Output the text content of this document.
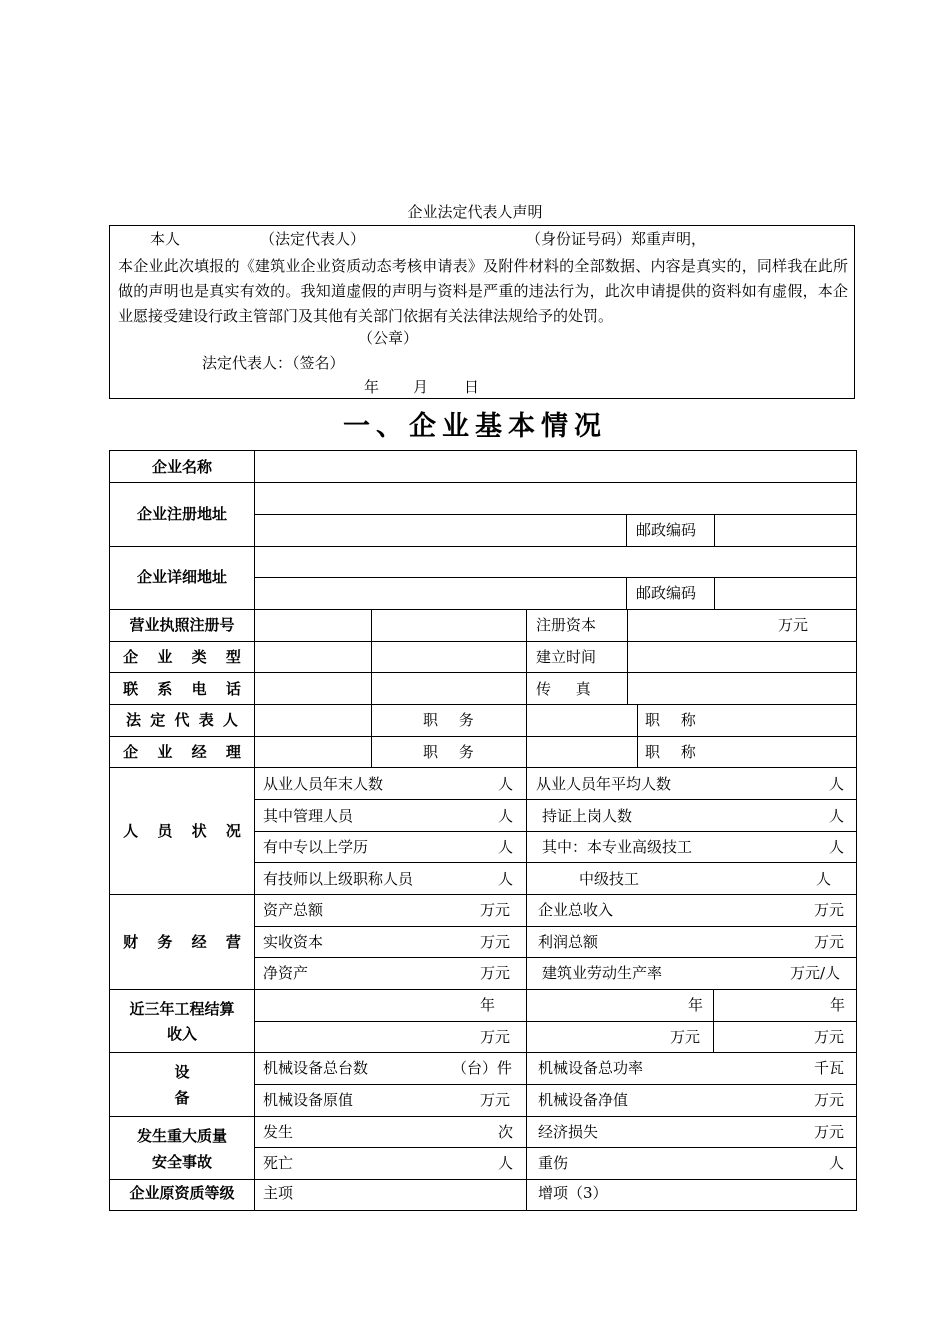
企业法定代表人声明
本人	（法定代表人）	（身份证号码）郑重声明，
本企业此次填报的《建筑业企业资质动态考核申请表》及附件材料的全部数据、内容是真实的，同样我在此所做的声明也是真实有效的。我知道虚假的声明与资料是严重的违法行为，此次申请提供的资料如有虚假，本企业愿接受建设行政主管部门及其他有关部门依据有关法律法规给予的处罚。
（公章）
法定代表人：（签名）
年 月 日
一、企业基本情况
企业名称
企业注册地址
邮政编码
企业详细地址
邮政编码
营业执照注册号	注册资本	万元
企 业 类 型	建立时间
联 系 电 话	传 真
法 定 代 表 人	职 务	职 称
企 业 经 理	职 务	职 称
人 员 状 况
从业人员年末人数	人 从业人员年平均人数	人
其中管理人员	人 持证上岗人数	人
有中专以上学历	人 其中：本专业高级技工	人
有技师以上级职称人员	人	中级技工	人
财 务 经 营
资产总额	万元 企业总收入	万元
实收资本	万元 利润总额	万元
净资产	万元 建筑业劳动生产率	万元/人
近三年工程结算
收入
年	年	年
万元	万元	万元
设
备
机械设备总台数	（台）件 机械设备总功率	千瓦
机械设备原值	万元 机械设备净值	万元
发生重大质量
安全事故
发生	次 经济损失	万元
死亡	人 重伤	人
企业原资质等级	主项	增项（3）
